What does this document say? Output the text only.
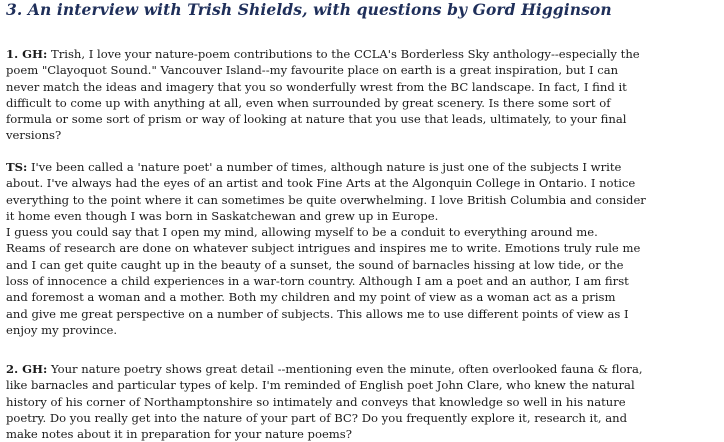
3. An interview with Trish Shields, with questions by Gord Higginson
1. GH: Trish, I love your nature-poem contributions to the CCLA's Borderless Sky anthology--especially the
poem "Clayoquot Sound." Vancouver Island--my favourite place on earth is a great inspiration, but I can
never match the ideas and imagery that you so wonderfully wrest from the BC landscape. In fact, I find it
difficult to come up with anything at all, even when surrounded by great scenery. Is there some sort of
formula or some sort of prism or way of looking at nature that you use that leads, ultimately, to your final
versions?
TS: I've been called a 'nature poet' a number of times, although nature is just one of the subjects I write
about. I've always had the eyes of an artist and took Fine Arts at the Algonquin College in Ontario. I notice
everything to the point where it can sometimes be quite overwhelming. I love British Columbia and consider
it home even though I was born in Saskatchewan and grew up in Europe.
I guess you could say that I open my mind, allowing myself to be a conduit to everything around me.
Reams of research are done on whatever subject intrigues and inspires me to write. Emotions truly rule me
and I can get quite caught up in the beauty of a sunset, the sound of barnacles hissing at low tide, or the
loss of innocence a child experiences in a war-torn country. Although I am a poet and an author, I am first
and foremost a woman and a mother. Both my children and my point of view as a woman act as a prism
and give me great perspective on a number of subjects. This allows me to use different points of view as I
enjoy my province.
2. GH: Your nature poetry shows great detail --mentioning even the minute, often overlooked fauna & flora,
like barnacles and particular types of kelp. I'm reminded of English poet John Clare, who knew the natural
history of his corner of Northamptonshire so intimately and conveys that knowledge so well in his nature
poetry. Do you really get into the nature of your part of BC? Do you frequently explore it, research it, and
make notes about it in preparation for your nature poems?
